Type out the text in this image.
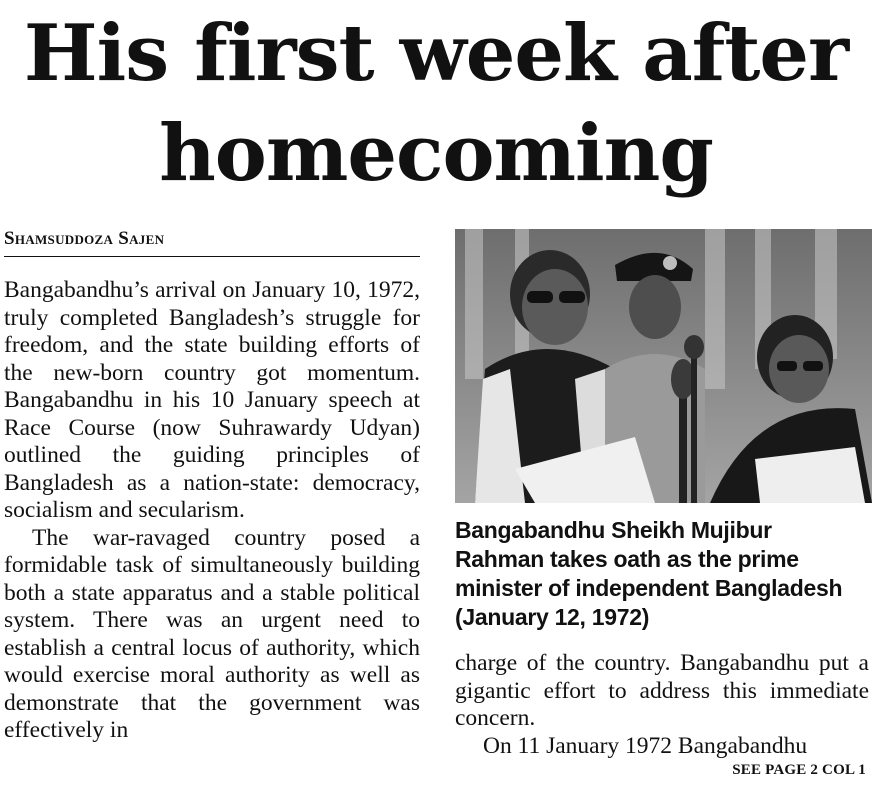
His first week after homecoming
Shamsuddoza Sajen

Bangabandhu’s arrival on January 10, 1972, truly completed Bangladesh’s struggle for freedom, and the state building efforts of the new-born country got momentum. Bangabandhu in his 10 January speech at Race Course (now Suhrawardy Udyan) outlined the guiding principles of Bangladesh as a nation-state: democracy, socialism and secularism.

The war-ravaged country posed a formidable task of simultaneously building both a state apparatus and a stable political system. There was an urgent need to establish a central locus of authority, which would exercise moral authority as well as demonstrate that the government was effectively in

Bangabandhu Sheikh Mujibur Rahman takes oath as the prime minister of independent Bangladesh (January 12, 1972)

charge of the country. Bangabandhu put a gigantic effort to address this immediate concern.

On 11 January 1972 Bangabandhu

SEE PAGE 2 COL 1
